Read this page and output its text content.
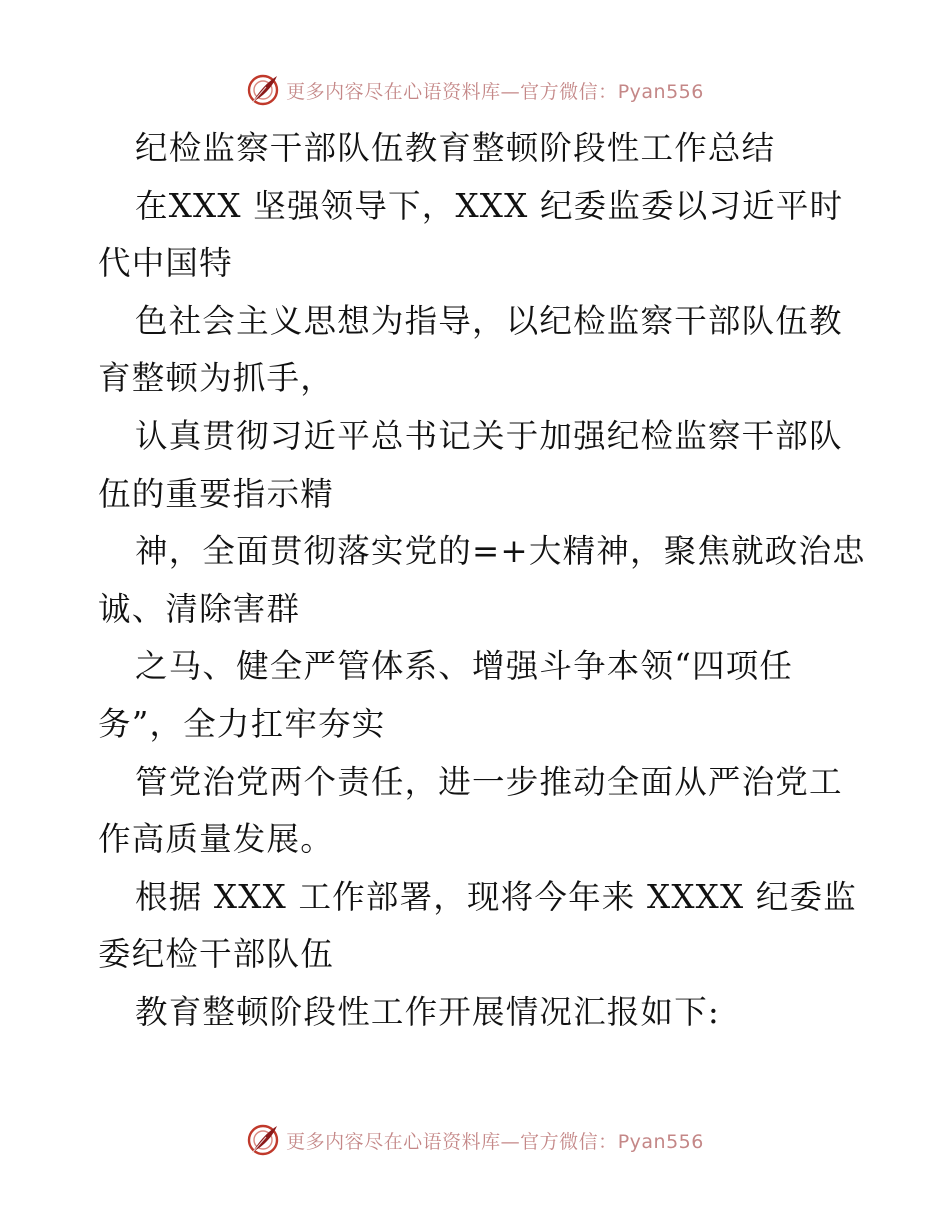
更多内容尽在心语资料库—官方微信：Pyan556
纪检监察干部队伍教育整顿阶段性工作总结
在XXX 坚强领导下，XXX 纪委监委以习近平时
代中国特
色社会主义思想为指导，以纪检监察干部队伍教
育整顿为抓手，
认真贯彻习近平总书记关于加强纪检监察干部队
伍的重要指示精
神，全面贯彻落实党的=+大精神，聚焦就政治忠
诚、清除害群
之马、健全严管体系、增强斗争本领“四项任
务”，全力扛牢夯实
管党治党两个责任，进一步推动全面从严治党工
作高质量发展。
根据 XXX 工作部署，现将今年来 XXXX 纪委监
委纪检干部队伍
教育整顿阶段性工作开展情况汇报如下:
更多内容尽在心语资料库—官方微信：Pyan556
